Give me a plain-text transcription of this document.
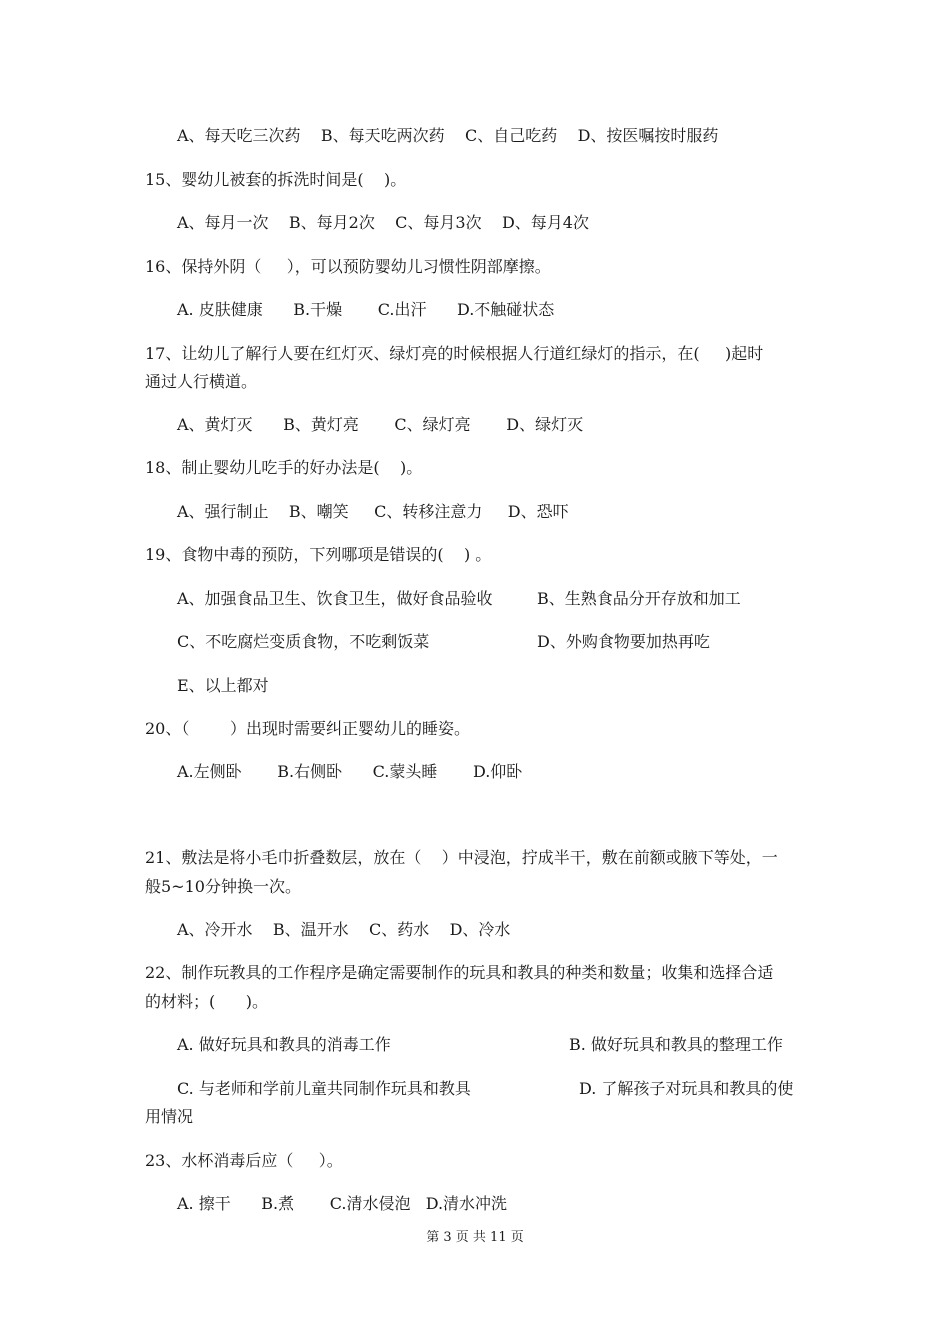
A、每天吃三次药    B、每天吃两次药    C、自己吃药    D、按医嘱按时服药
15、婴幼儿被套的拆洗时间是(    )。
A、每月一次    B、每月2次    C、每月3次    D、每月4次
16、保持外阴（     ），可以预防婴幼儿习惯性阴部摩擦。
A. 皮肤健康      B.干燥       C.出汗      D.不触碰状态
17、让幼儿了解行人要在红灯灭、绿灯亮的时候根据人行道红绿灯的指示，在(     )起时
通过人行横道。
A、黄灯灭      B、黄灯亮       C、绿灯亮       D、绿灯灭
18、制止婴幼儿吃手的好办法是(    )。
A、强行制止    B、嘲笑     C、转移注意力     D、恐吓
19、食物中毒的预防，下列哪项是错误的(    ) 。
A、加强食品卫生、饮食卫生，做好食品验收	B、生熟食品分开存放和加工
C、不吃腐烂变质食物，不吃剩饭菜	D、外购食物要加热再吃
E、以上都对
20、（        ）出现时需要纠正婴幼儿的睡姿。
A.左侧卧       B.右侧卧      C.蒙头睡       D.仰卧
21、敷法是将小毛巾折叠数层，放在（    ）中浸泡，拧成半干，敷在前额或腋下等处，一
般5~10分钟换一次。
A、冷开水    B、温开水    C、药水    D、冷水
22、制作玩教具的工作程序是确定需要制作的玩具和教具的种类和数量；收集和选择合适
的材料；(      )。
A. 做好玩具和教具的消毒工作	B. 做好玩具和教具的整理工作
C. 与老师和学前儿童共同制作玩具和教具	D. 了解孩子对玩具和教具的使
用情况
23、水杯消毒后应（     ）。
A. 擦干      B.煮       C.清水侵泡   D.清水冲洗
第 3 页 共 11 页
